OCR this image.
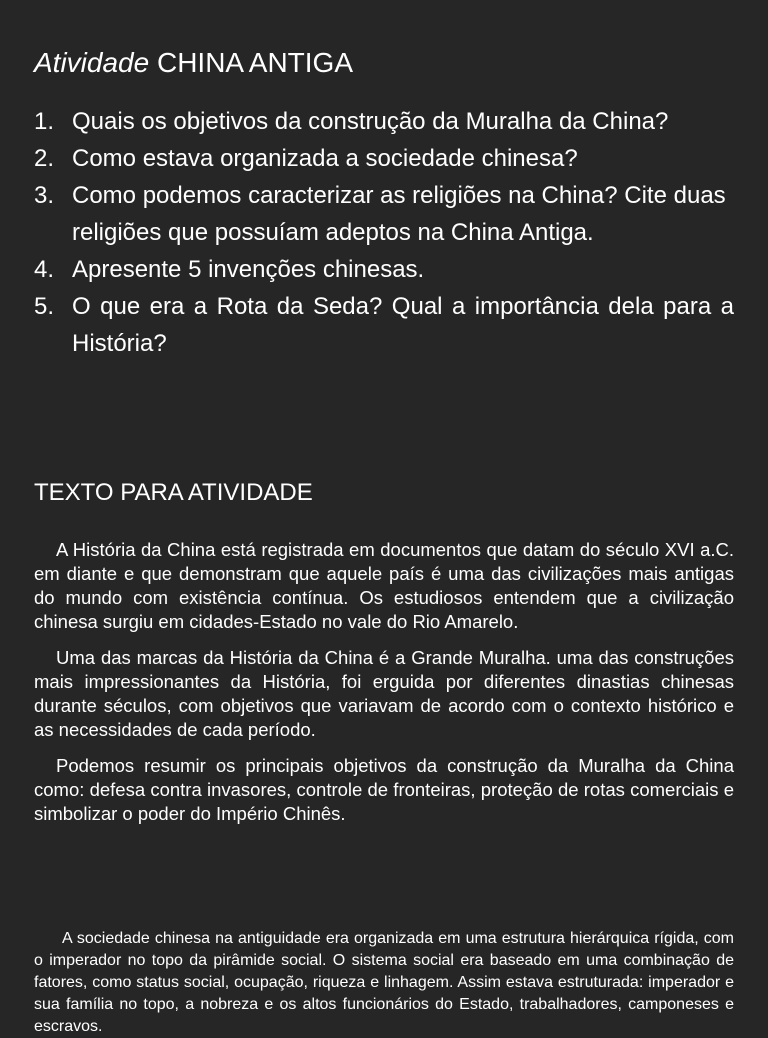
Atividade CHINA ANTIGA
1. Quais os objetivos da construção da Muralha da China?
2. Como estava organizada a sociedade chinesa?
3. Como podemos caracterizar as religiões na China? Cite duas religiões que possuíam adeptos na China Antiga.
4. Apresente 5 invenções chinesas.
5. O que era a Rota da Seda? Qual a importância dela para a História?
TEXTO PARA ATIVIDADE

A História da China está registrada em documentos que datam do século XVI a.C. em diante e que demonstram que aquele país é uma das civilizações mais antigas do mundo com existência contínua. Os estudiosos entendem que a civilização chinesa surgiu em cidades-Estado no vale do Rio Amarelo.

Uma das marcas da História da China é a Grande Muralha. uma das construções mais impressionantes da História, foi erguida por diferentes dinastias chinesas durante séculos, com objetivos que variavam de acordo com o contexto histórico e as necessidades de cada período.

Podemos resumir os principais objetivos da construção da Muralha da China como: defesa contra invasores, controle de fronteiras, proteção de rotas comerciais e simbolizar o poder do Império Chinês.

A sociedade chinesa na antiguidade era organizada em uma estrutura hierárquica rígida, com o imperador no topo da pirâmide social. O sistema social era baseado em uma combinação de fatores, como status social, ocupação, riqueza e linhagem. Assim estava estruturada: imperador e sua família no topo, a nobreza e os altos funcionários do Estado, trabalhadores, camponeses e escravos.
